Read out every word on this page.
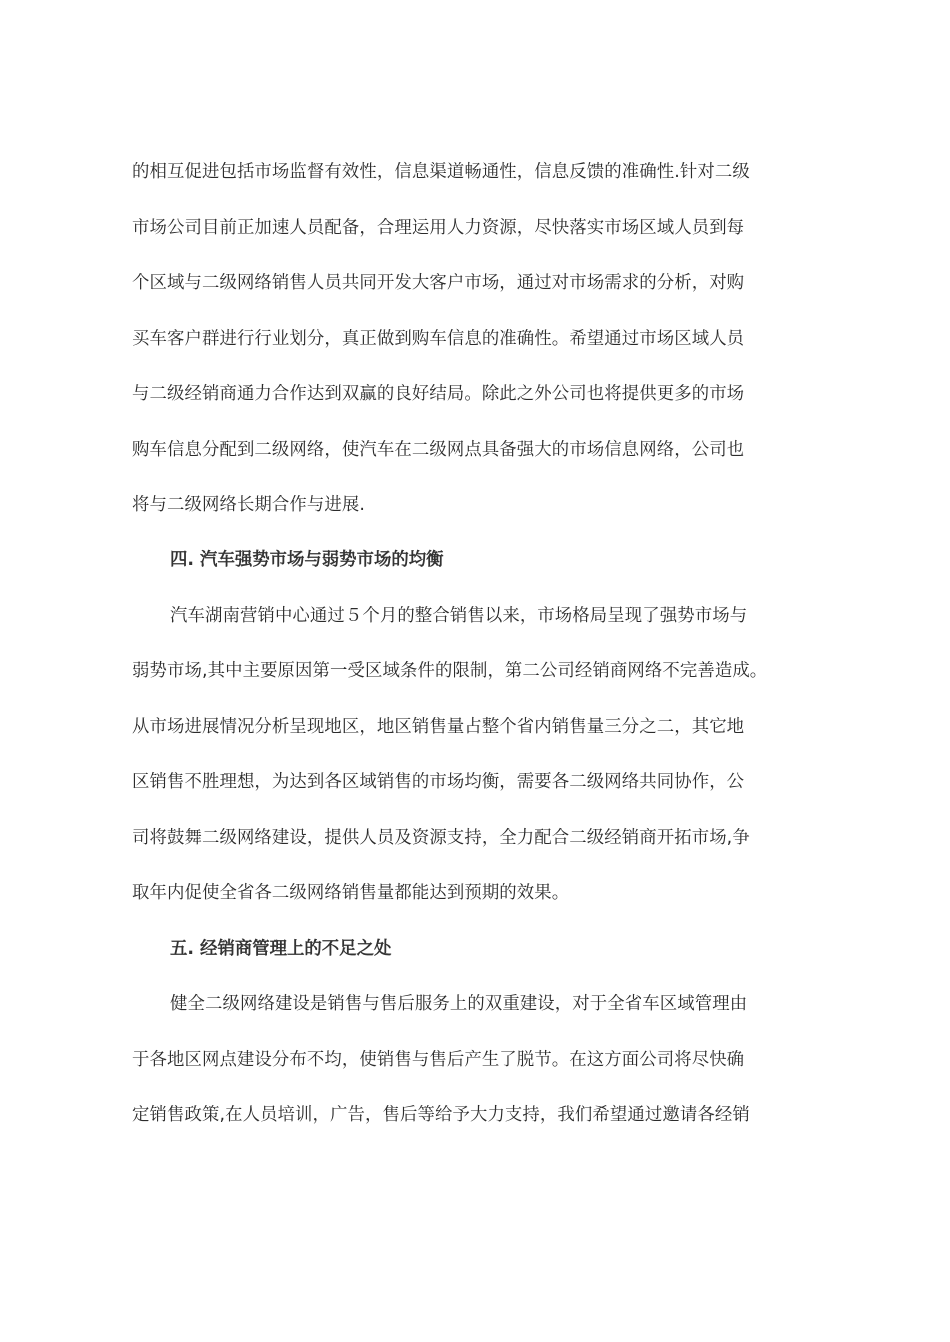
的相互促进包括市场监督有效性，信息渠道畅通性，信息反馈的准确性.针对二级
市场公司目前正加速人员配备，合理运用人力资源，尽快落实市场区域人员到每
个区域与二级网络销售人员共同开发大客户市场，通过对市场需求的分析，对购
买车客户群进行行业划分，真正做到购车信息的准确性。希望通过市场区域人员
与二级经销商通力合作达到双赢的良好结局。除此之外公司也将提供更多的市场
购车信息分配到二级网络，使汽车在二级网点具备强大的市场信息网络，公司也
将与二级网络长期合作与进展.
四. 汽车强势市场与弱势市场的均衡
汽车湖南营销中心通过５个月的整合销售以来，市场格局呈现了强势市场与
弱势市场,其中主要原因第一受区域条件的限制，第二公司经销商网络不完善造成。
从市场进展情况分析呈现地区，地区销售量占整个省内销售量三分之二，其它地
区销售不胜理想，为达到各区域销售的市场均衡，需要各二级网络共同协作，公
司将鼓舞二级网络建设，提供人员及资源支持，全力配合二级经销商开拓市场,争
取年内促使全省各二级网络销售量都能达到预期的效果。
五. 经销商管理上的不足之处
健全二级网络建设是销售与售后服务上的双重建设，对于全省车区域管理由
于各地区网点建设分布不均，使销售与售后产生了脱节。在这方面公司将尽快确
定销售政策,在人员培训，广告，售后等给予大力支持，我们希望通过邀请各经销
